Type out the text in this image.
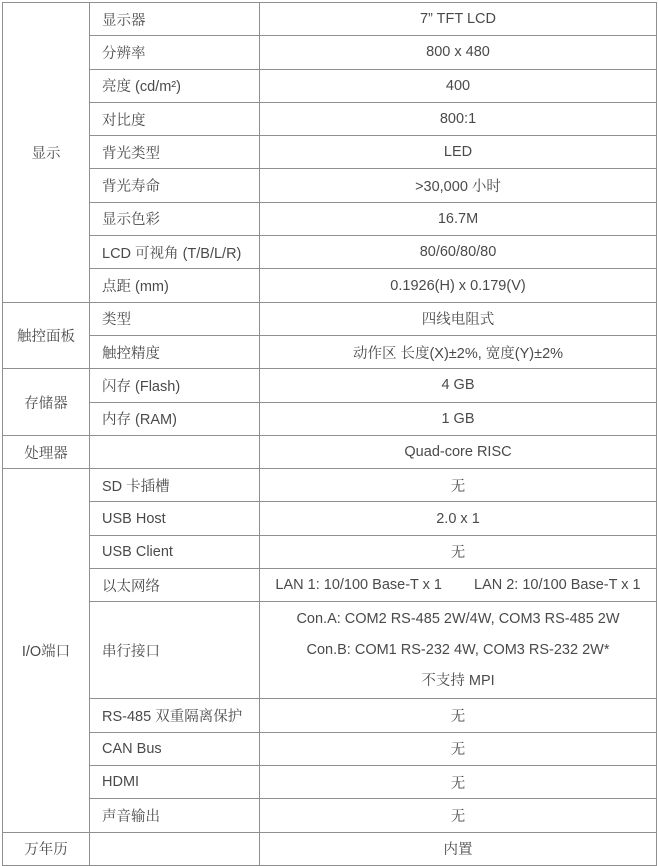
显示	显示器	7” TFT LCD
	分辨率	800 x 480
	亮度 (cd/m²)	400
	对比度	800:1
	背光类型	LED
	背光寿命	>30,000 小时
	显示色彩	16.7M
	LCD 可视角 (T/B/L/R)	80/60/80/80
	点距 (mm)	0.1926(H) x 0.179(V)
触控面板	类型	四线电阻式
	触控精度	动作区 长度(X)±2%, 宽度(Y)±2%
存储器	闪存 (Flash)	4 GB
	内存 (RAM)	1 GB
处理器		Quad-core RISC
I/O端口	SD 卡插槽	无
	USB Host	2.0 x 1
	USB Client	无
	以太网络	LAN 1: 10/100 Base-T x 1 LAN 2: 10/100 Base-T x 1

	串行接口	Con.A: COM2 RS-485 2W/4W, COM3 RS-485 2W
Con.B: COM1 RS-232 4W, COM3 RS-232 2W*
不支持 MPI

	RS-485 双重隔离保护	无
	CAN Bus	无
	HDMI	无
	声音输出	无
万年历		内置
